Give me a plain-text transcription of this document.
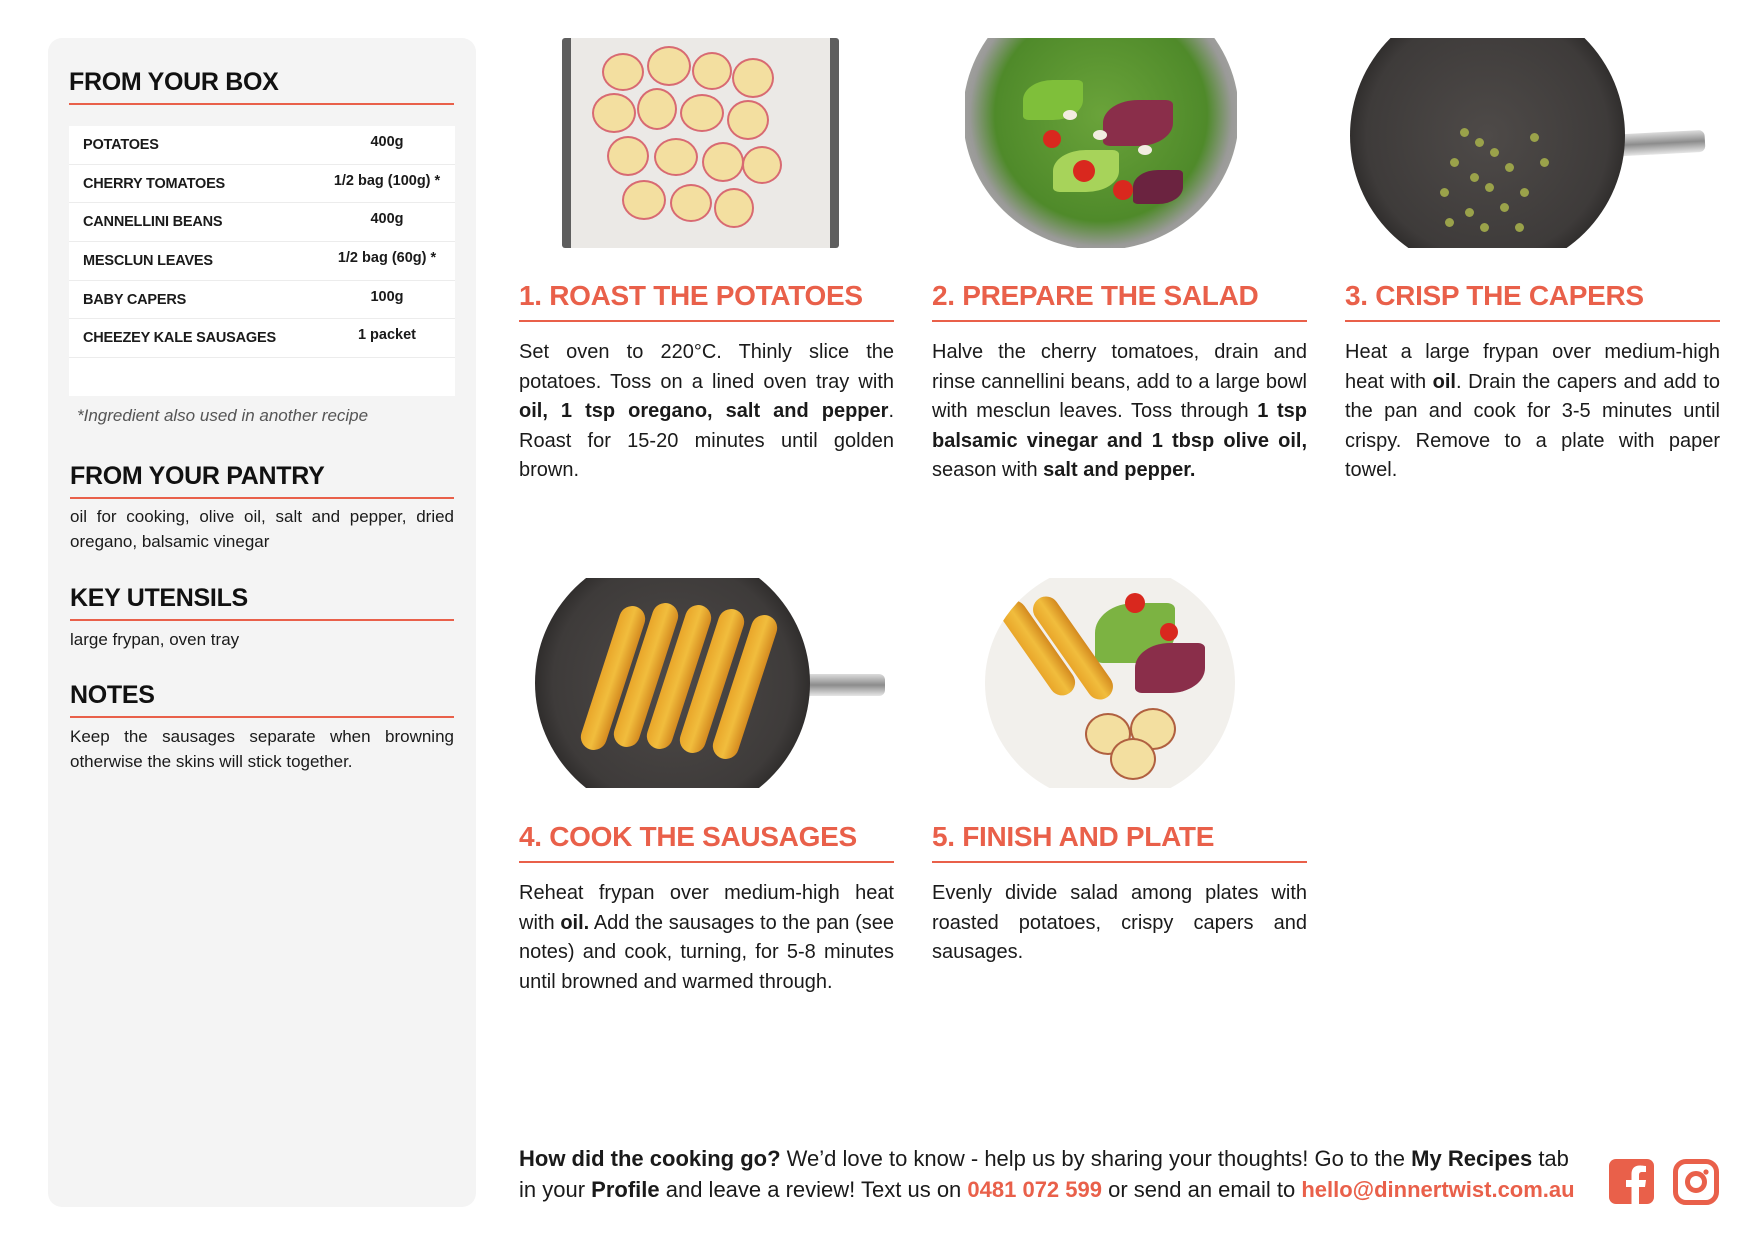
FROM YOUR BOX
POTATOES	400g
CHERRY TOMATOES	1/2 bag (100g) *
CANNELLINI BEANS	400g
MESCLUN LEAVES	1/2 bag (60g) *
BABY CAPERS	100g
CHEEZEY KALE SAUSAGES	1 packet
*Ingredient also used in another recipe
FROM YOUR PANTRY
oil for cooking, olive oil, salt and pepper, dried oregano, balsamic vinegar
KEY UTENSILS
large frypan, oven tray
NOTES
Keep the sausages separate when browning otherwise the skins will stick together.
1. ROAST THE POTATOES
Set oven to 220°C. Thinly slice the potatoes. Toss on a lined oven tray with oil, 1 tsp oregano, salt and pepper. Roast for 15-20 minutes until golden brown.
2. PREPARE THE SALAD
Halve the cherry tomatoes, drain and rinse cannellini beans, add to a large bowl with mesclun leaves. Toss through 1 tsp balsamic vinegar and 1 tbsp olive oil, season with salt and pepper.
3. CRISP THE CAPERS
Heat a large frypan over medium-high heat with oil. Drain the capers and add to the pan and cook for 3-5 minutes until crispy. Remove to a plate with paper towel.
4. COOK THE SAUSAGES
Reheat frypan over medium-high heat with oil. Add the sausages to the pan (see notes) and cook, turning, for 5-8 minutes until browned and warmed through.
5. FINISH AND PLATE
Evenly divide salad among plates with roasted potatoes, crispy capers and sausages.
How did the cooking go? We’d love to know - help us by sharing your thoughts! Go to the My Recipes tab in your Profile and leave a review! Text us on 0481 072 599 or send an email to hello@dinnertwist.com.au
